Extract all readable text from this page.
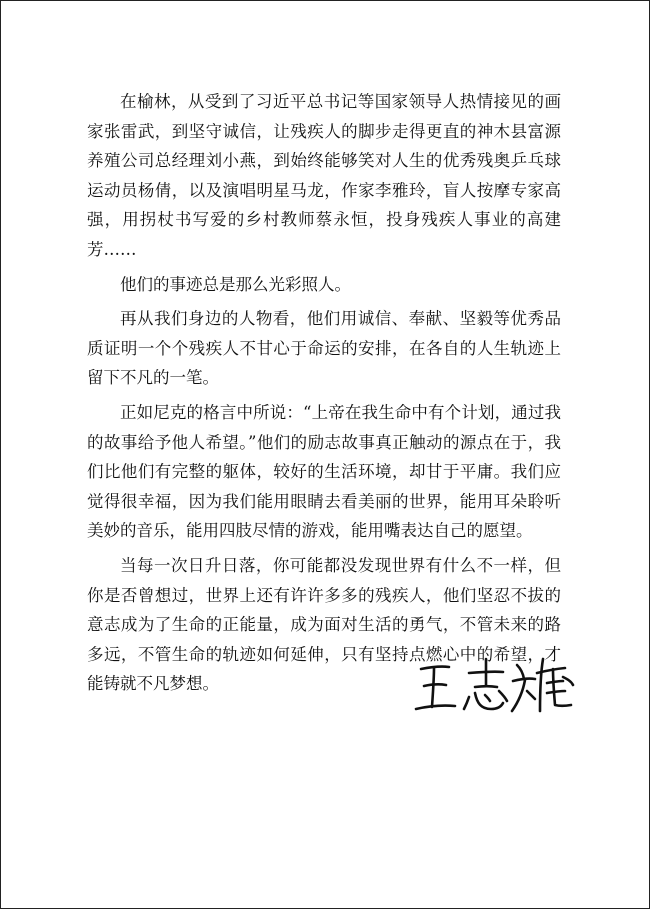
在榆林，从受到了习近平总书记等国家领导人热情接见的画家张雷武，到坚守诚信，让残疾人的脚步走得更直的神木县富源养殖公司总经理刘小燕，到始终能够笑对人生的优秀残奥乒乓球运动员杨倩，以及演唱明星马龙，作家李雅玲，盲人按摩专家高强，用拐杖书写爱的乡村教师蔡永恒，投身残疾人事业的高建芳……

他们的事迹总是那么光彩照人。

再从我们身边的人物看，他们用诚信、奉献、坚毅等优秀品质证明一个个残疾人不甘心于命运的安排，在各自的人生轨迹上留下不凡的一笔。

正如尼克的格言中所说：“上帝在我生命中有个计划，通过我的故事给予他人希望。”他们的励志故事真正触动的源点在于，我们比他们有完整的躯体，较好的生活环境，却甘于平庸。我们应觉得很幸福，因为我们能用眼睛去看美丽的世界，能用耳朵聆听美妙的音乐，能用四肢尽情的游戏，能用嘴表达自己的愿望。

当每一次日升日落，你可能都没发现世界有什么不一样，但你是否曾想过，世界上还有许许多多的残疾人，他们坚忍不拔的意志成为了生命的正能量，成为面对生活的勇气，不管未来的路多远，不管生命的轨迹如何延伸，只有坚持点燃心中的希望，才能铸就不凡梦想。
